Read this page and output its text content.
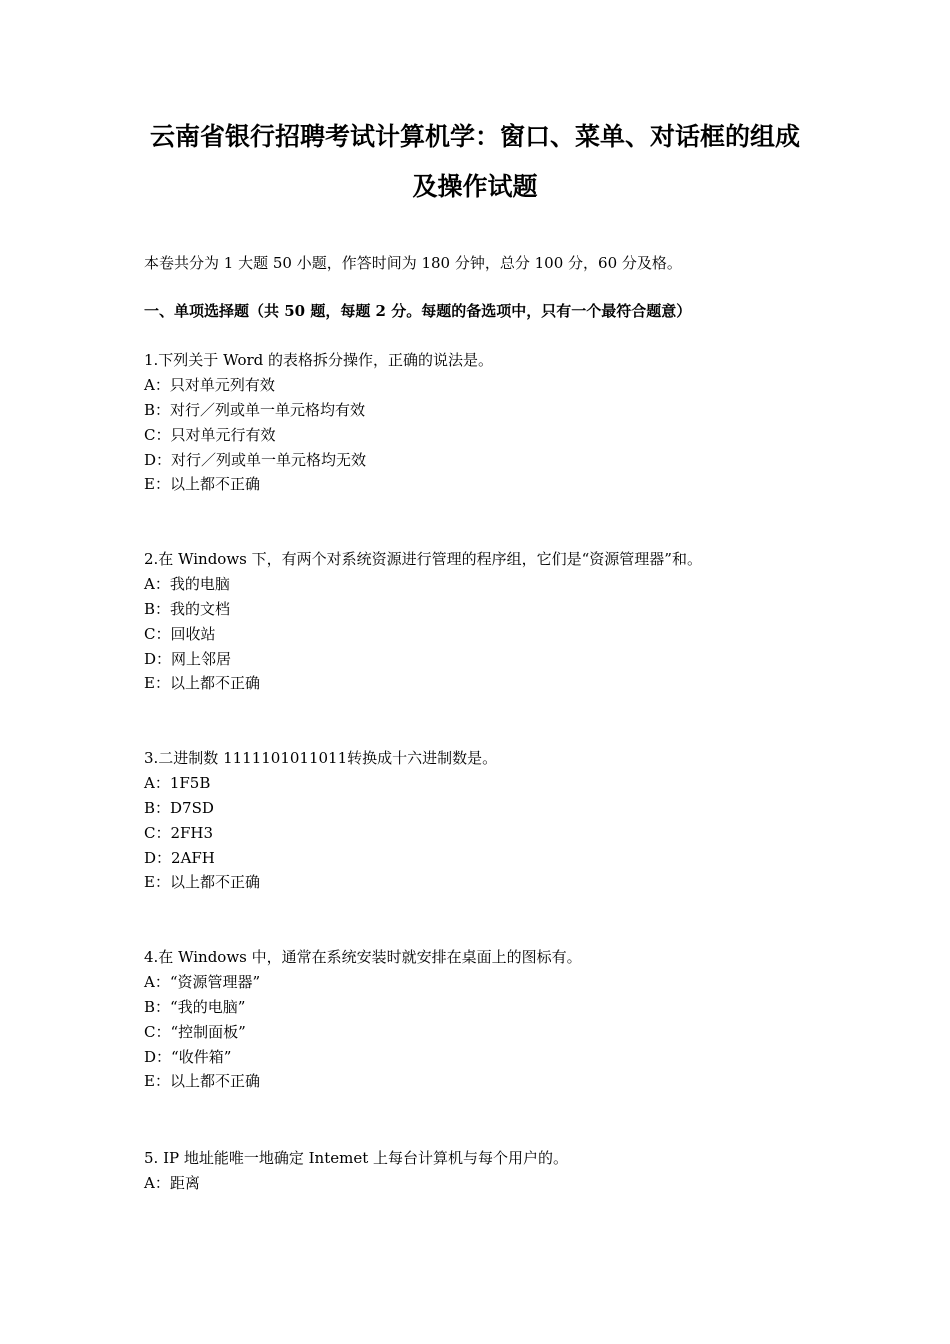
云南省银行招聘考试计算机学：窗口、菜单、对话框的组成
及操作试题
本卷共分为 1 大题 50 小题，作答时间为 180 分钟，总分 100 分，60 分及格。
一、单项选择题（共 50 题，每题 2 分。每题的备选项中，只有一个最符合题意）
1.下列关于 Word 的表格拆分操作，正确的说法是。
A：只对单元列有效
B：对行／列或单一单元格均有效
C：只对单元行有效
D：对行／列或单一单元格均无效
E：以上都不正确
2.在 Windows 下，有两个对系统资源进行管理的程序组，它们是“资源管理器”和。
A：我的电脑
B：我的文档
C：回收站
D：网上邻居
E：以上都不正确
3.二进制数 1111101011011转换成十六进制数是。
A：1F5B
B：D7SD
C：2FH3
D：2AFH
E：以上都不正确
4.在 Windows 中，通常在系统安装时就安排在桌面上的图标有。
A：“资源管理器”
B：“我的电脑”
C：“控制面板”
D：“收件箱”
E：以上都不正确
5. IP 地址能唯一地确定 Intemet 上每台计算机与每个用户的。
A：距离
